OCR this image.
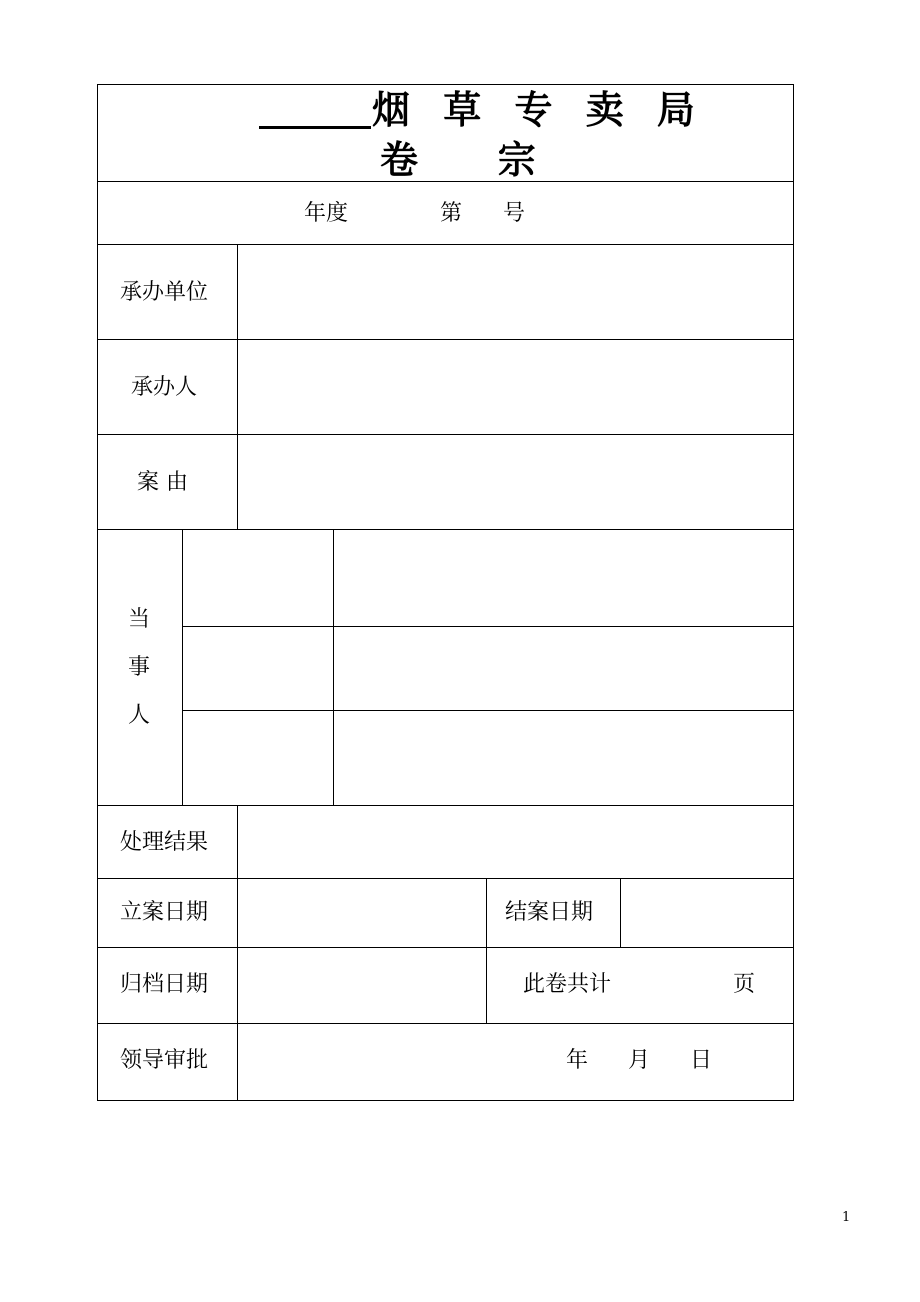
烟 草 专 卖 局
卷   宗
年度	第 号
承办单位
承办人
案 由
当
事
人
处理结果
立案日期	结案日期
归档日期	此卷共计	页
领导审批	年 月 日
1
